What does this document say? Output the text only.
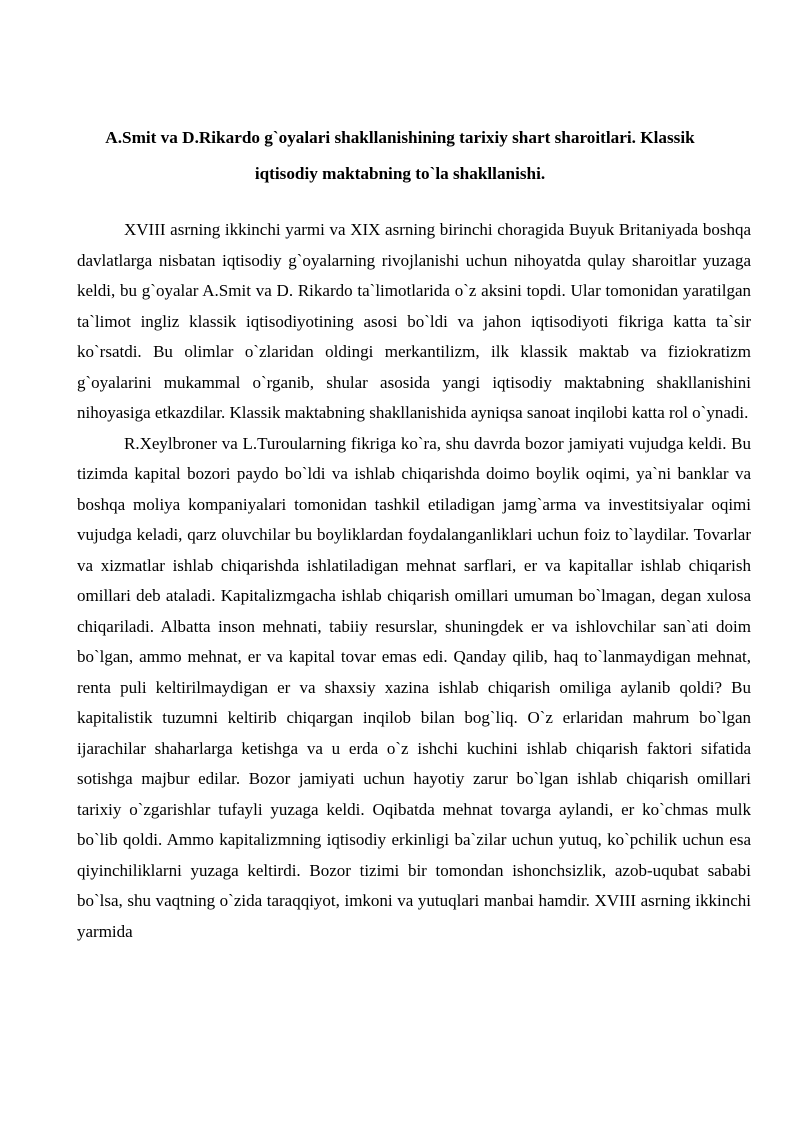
A.Smit va D.Rikardo g`oyalari shakllanishining tarixiy shart sharoitlari. Klassik
iqtisodiy maktabning to`la shakllanishi.

XVIII asrning ikkinchi yarmi va XIX asrning birinchi choragida Buyuk Britaniyada boshqa davlatlarga nisbatan iqtisodiy g`oyalarning rivojlanishi uchun nihoyatda qulay sharoitlar yuzaga keldi, bu g`oyalar A.Smit va D. Rikardo ta`limotlarida o`z aksini topdi. Ular tomonidan yaratilgan ta`limot ingliz klassik iqtisodiyotining asosi bo`ldi va jahon iqtisodiyoti fikriga katta ta`sir ko`rsatdi. Bu olimlar o`zlaridan oldingi merkantilizm, ilk klassik maktab va fiziokratizm g`oyalarini mukammal o`rganib, shular asosida yangi iqtisodiy maktabning shakllanishini nihoyasiga etkazdilar. Klassik maktabning shakllanishida ayniqsa sanoat inqilobi katta rol o`ynadi.

R.Xeylbroner va L.Turoularning fikriga ko`ra, shu davrda bozor jamiyati vujudga keldi. Bu tizimda kapital bozori paydo bo`ldi va ishlab chiqarishda doimo boylik oqimi, ya`ni banklar va boshqa moliya kompaniyalari tomonidan tashkil etiladigan jamg`arma va investitsiyalar oqimi vujudga keladi, qarz oluvchilar bu boyliklardan foydalanganliklari uchun foiz to`laydilar. Tovarlar va xizmatlar ishlab chiqarishda ishlatiladigan mehnat sarflari, er va kapitallar ishlab chiqarish omillari deb ataladi. Kapitalizmgacha ishlab chiqarish omillari umuman bo`lmagan, degan xulosa chiqariladi. Albatta inson mehnati, tabiiy resurslar, shuningdek er va ishlovchilar san`ati doim bo`lgan, ammo mehnat, er va kapital tovar emas edi. Qanday qilib, haq to`lanmaydigan mehnat, renta puli keltirilmaydigan er va shaxsiy xazina ishlab chiqarish omiliga aylanib qoldi? Bu kapitalistik tuzumni keltirib chiqargan inqilob bilan bog`liq. O`z erlaridan mahrum bo`lgan ijarachilar shaharlarga ketishga va u erda o`z ishchi kuchini ishlab chiqarish faktori sifatida sotishga majbur edilar. Bozor jamiyati uchun hayotiy zarur bo`lgan ishlab chiqarish omillari tarixiy o`zgarishlar tufayli yuzaga keldi. Oqibatda mehnat tovarga aylandi, er ko`chmas mulk bo`lib qoldi. Ammo kapitalizmning iqtisodiy erkinligi ba`zilar uchun yutuq, ko`pchilik uchun esa qiyinchiliklarni yuzaga keltirdi. Bozor tizimi bir tomondan ishonchsizlik, azob-uqubat sababi bo`lsa, shu vaqtning o`zida taraqqiyot, imkoni va yutuqlari manbai hamdir. XVIII asrning ikkinchi yarmida
